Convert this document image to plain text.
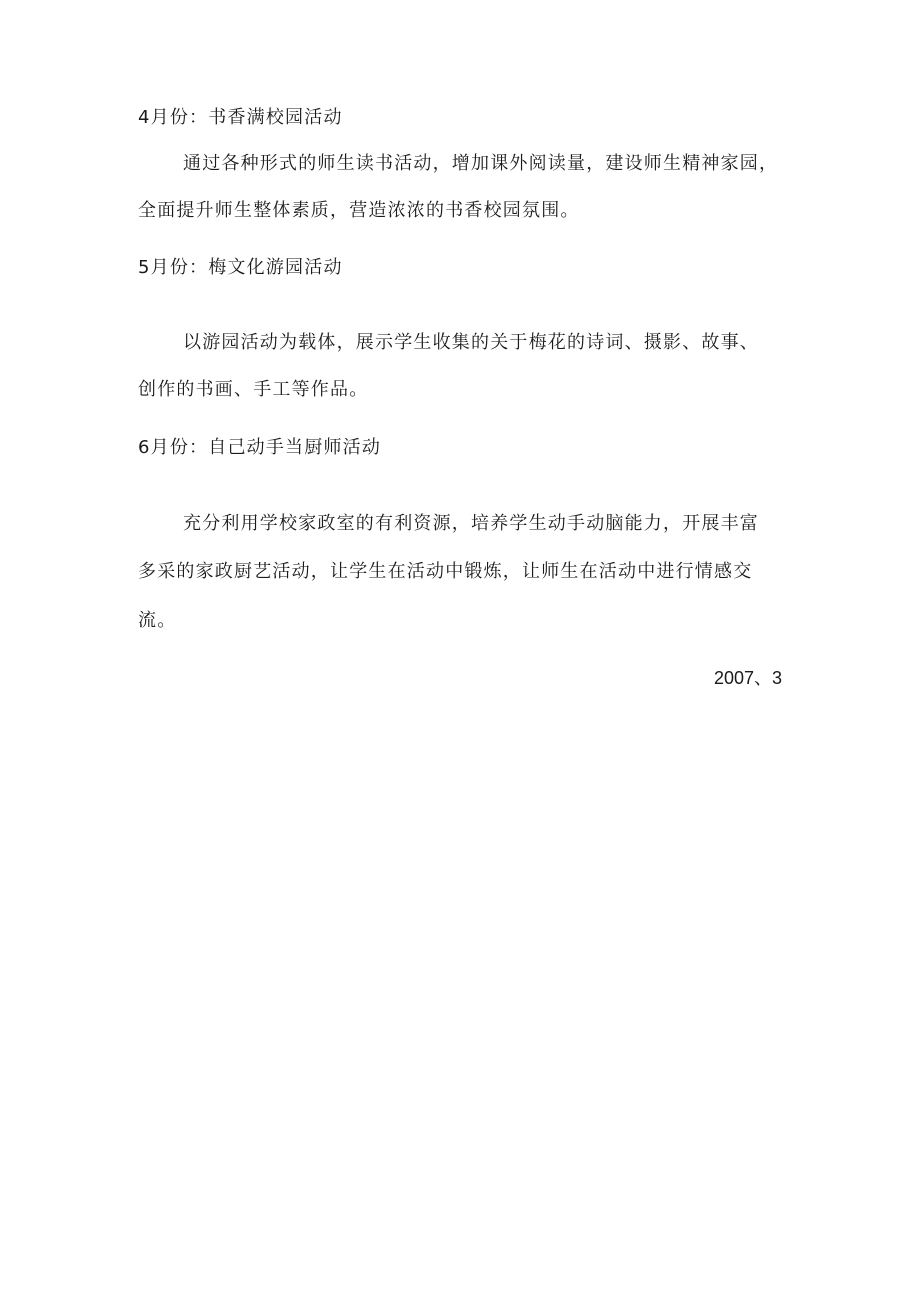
4月份：书香满校园活动
通过各种形式的师生读书活动，增加课外阅读量，建设师生精神家园，
全面提升师生整体素质，营造浓浓的书香校园氛围。
5月份：梅文化游园活动
以游园活动为载体，展示学生收集的关于梅花的诗词、摄影、故事、
创作的书画、手工等作品。
6月份：自己动手当厨师活动
充分利用学校家政室的有利资源，培养学生动手动脑能力，开展丰富
多采的家政厨艺活动，让学生在活动中锻炼，让师生在活动中进行情感交
流。
2007、3
